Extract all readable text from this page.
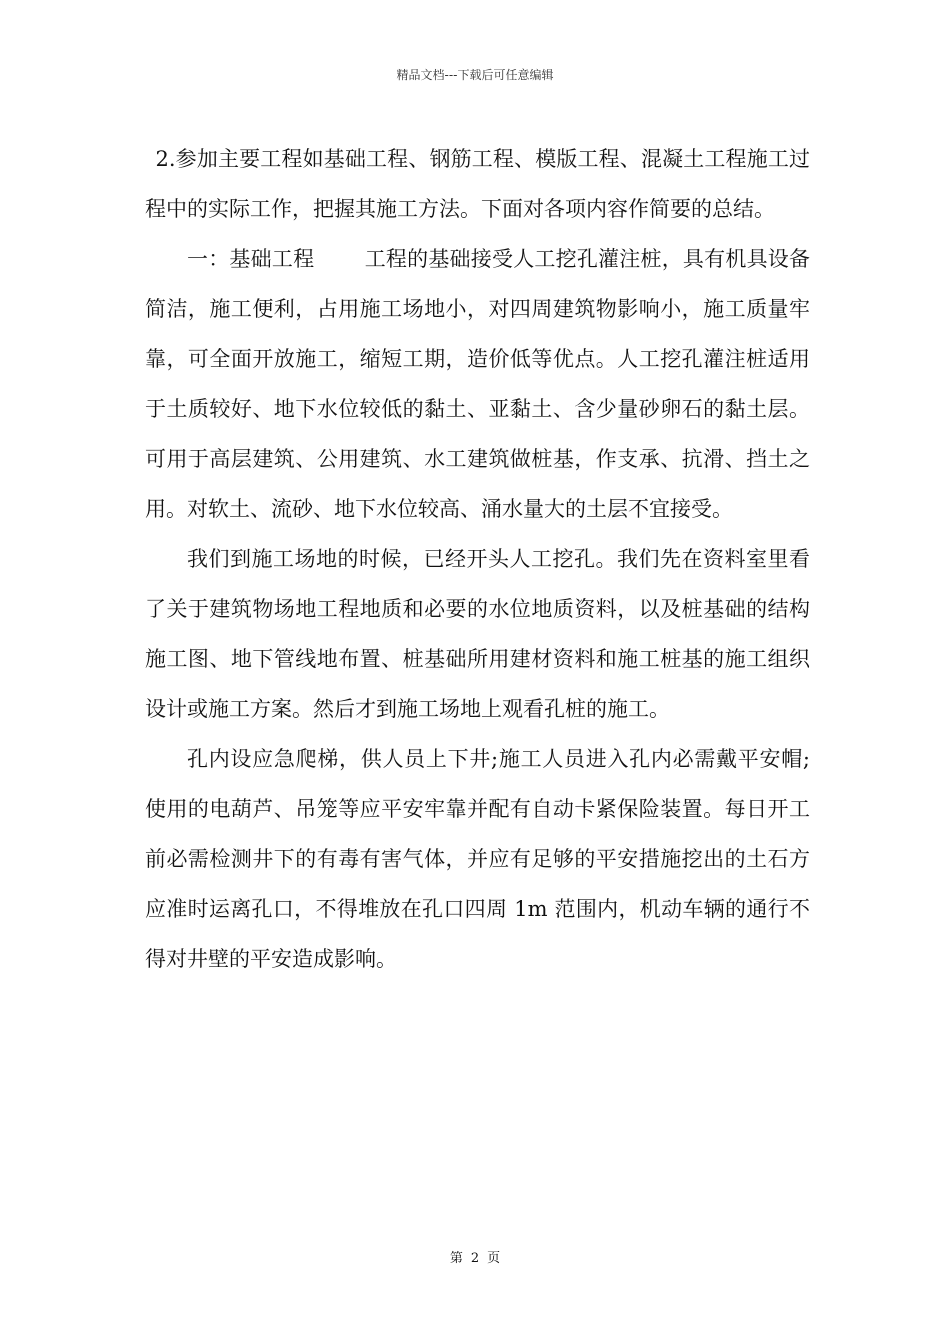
精品文档---下载后可任意编辑

2.参加主要工程如基础工程、钢筋工程、模版工程、混凝土工程施工过程中的实际工作，把握其施工方法。下面对各项内容作简要的总结。

一：基础工程 工程的基础接受人工挖孔灌注桩，具有机具设备简洁，施工便利，占用施工场地小，对四周建筑物影响小，施工质量牢靠，可全面开放施工，缩短工期，造价低等优点。人工挖孔灌注桩适用于土质较好、地下水位较低的黏土、亚黏土、含少量砂卵石的黏土层。可用于高层建筑、公用建筑、水工建筑做桩基，作支承、抗滑、挡土之用。对软土、流砂、地下水位较高、涌水量大的土层不宜接受。

我们到施工场地的时候，已经开头人工挖孔。我们先在资料室里看了关于建筑物场地工程地质和必要的水位地质资料，以及桩基础的结构施工图、地下管线地布置、桩基础所用建材资料和施工桩基的施工组织设计或施工方案。然后才到施工场地上观看孔桩的施工。

孔内设应急爬梯，供人员上下井;施工人员进入孔内必需戴平安帽;使用的电葫芦、吊笼等应平安牢靠并配有自动卡紧保险装置。每日开工前必需检测井下的有毒有害气体，并应有足够的平安措施挖出的土石方应准时运离孔口，不得堆放在孔口四周 1m 范围内，机动车辆的通行不得对井壁的平安造成影响。

第 2 页
